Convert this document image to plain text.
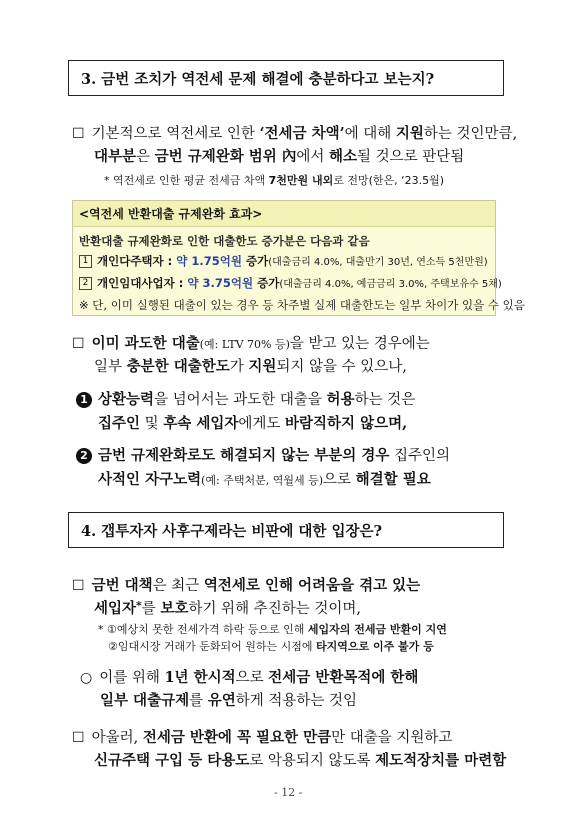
3. 금번 조치가 역전세 문제 해결에 충분하다고 보는지?
☐ 기본적으로 역전세로 인한 ‘전세금 차액’에 대해 지원하는 것인만큼,
대부분은 금번 규제완화 범위 內에서 해소될 것으로 판단됨
* 역전세로 인한 평균 전세금 차액 7천만원 내외로 전망(한은, ‘23.5월)
<역전세 반환대출 규제완화 효과>
반환대출 규제완화로 인한 대출한도 증가분은 다음과 같음
1 개인다주택자 : 약 1.75억원 증가(대출금리 4.0%, 대출만기 30년, 연소득 5천만원)
2 개인임대사업자 : 약 3.75억원 증가(대출금리 4.0%, 예금금리 3.0%, 주택보유수 5채)
※ 단, 이미 실행된 대출이 있는 경우 등 차주별 실제 대출한도는 일부 차이가 있을 수 있음
☐ 이미 과도한 대출(예: LTV 70% 등)을 받고 있는 경우에는
일부 충분한 대출한도가 지원되지 않을 수 있으나,
1 상환능력을 넘어서는 과도한 대출을 허용하는 것은
집주인 및 후속 세입자에게도 바람직하지 않으며,
2 금번 규제완화로도 해결되지 않는 부분의 경우 집주인의
사적인 자구노력(예: 주택처분, 역월세 등)으로 해결할 필요
4. 갭투자자 사후구제라는 비판에 대한 입장은?
☐ 금번 대책은 최근 역전세로 인해 어려움을 겪고 있는
세입자*를 보호하기 위해 추진하는 것이며,
* ①예상치 못한 전세가격 하락 등으로 인해 세입자의 전세금 반환이 지연
②임대시장 거래가 둔화되어 원하는 시점에 타지역으로 이주 불가 등
○ 이를 위해 1년 한시적으로 전세금 반환목적에 한해
일부 대출규제를 유연하게 적용하는 것임
☐ 아울러, 전세금 반환에 꼭 필요한 만큼만 대출을 지원하고
신규주택 구입 등 타용도로 악용되지 않도록 제도적장치를 마련함
- 12 -
